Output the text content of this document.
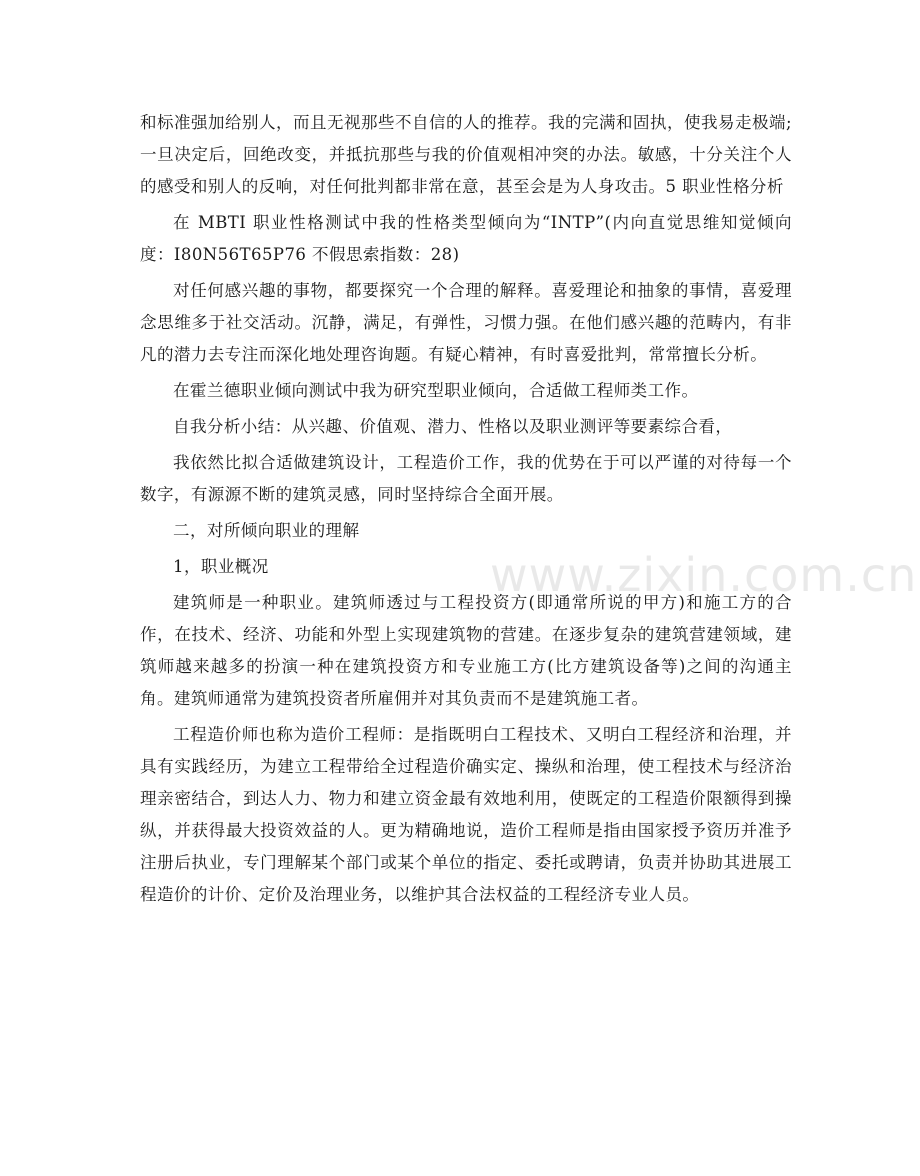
和标准强加给别人，而且无视那些不自信的人的推荐。我的完满和固执，使我易走极端;一旦决定后，回绝改变，并抵抗那些与我的价值观相冲突的办法。敏感，十分关注个人的感受和别人的反响，对任何批判都非常在意，甚至会是为人身攻击。5 职业性格分析

在 MBTI 职业性格测试中我的性格类型倾向为“INTP”(内向直觉思维知觉倾向度：I80N56T65P76 不假思索指数：28)

对任何感兴趣的事物，都要探究一个合理的解释。喜爱理论和抽象的事情，喜爱理念思维多于社交活动。沉静，满足，有弹性，习惯力强。在他们感兴趣的范畴内，有非凡的潜力去专注而深化地处理咨询题。有疑心精神，有时喜爱批判，常常擅长分析。

在霍兰德职业倾向测试中我为研究型职业倾向，合适做工程师类工作。

自我分析小结：从兴趣、价值观、潜力、性格以及职业测评等要素综合看，

我依然比拟合适做建筑设计，工程造价工作，我的优势在于可以严谨的对待每一个数字，有源源不断的建筑灵感，同时坚持综合全面开展。

二，对所倾向职业的理解

1，职业概况

建筑师是一种职业。建筑师透过与工程投资方(即通常所说的甲方)和施工方的合作，在技术、经济、功能和外型上实现建筑物的营建。在逐步复杂的建筑营建领域，建筑师越来越多的扮演一种在建筑投资方和专业施工方(比方建筑设备等)之间的沟通主角。建筑师通常为建筑投资者所雇佣并对其负责而不是建筑施工者。

工程造价师也称为造价工程师：是指既明白工程技术、又明白工程经济和治理，并具有实践经历，为建立工程带给全过程造价确实定、操纵和治理，使工程技术与经济治理亲密结合，到达人力、物力和建立资金最有效地利用，使既定的工程造价限额得到操纵，并获得最大投资效益的人。更为精确地说，造价工程师是指由国家授予资历并准予注册后执业，专门理解某个部门或某个单位的指定、委托或聘请，负责并协助其进展工程造价的计价、定价及治理业务，以维护其合法权益的工程经济专业人员。

www.zixin.com.cn
